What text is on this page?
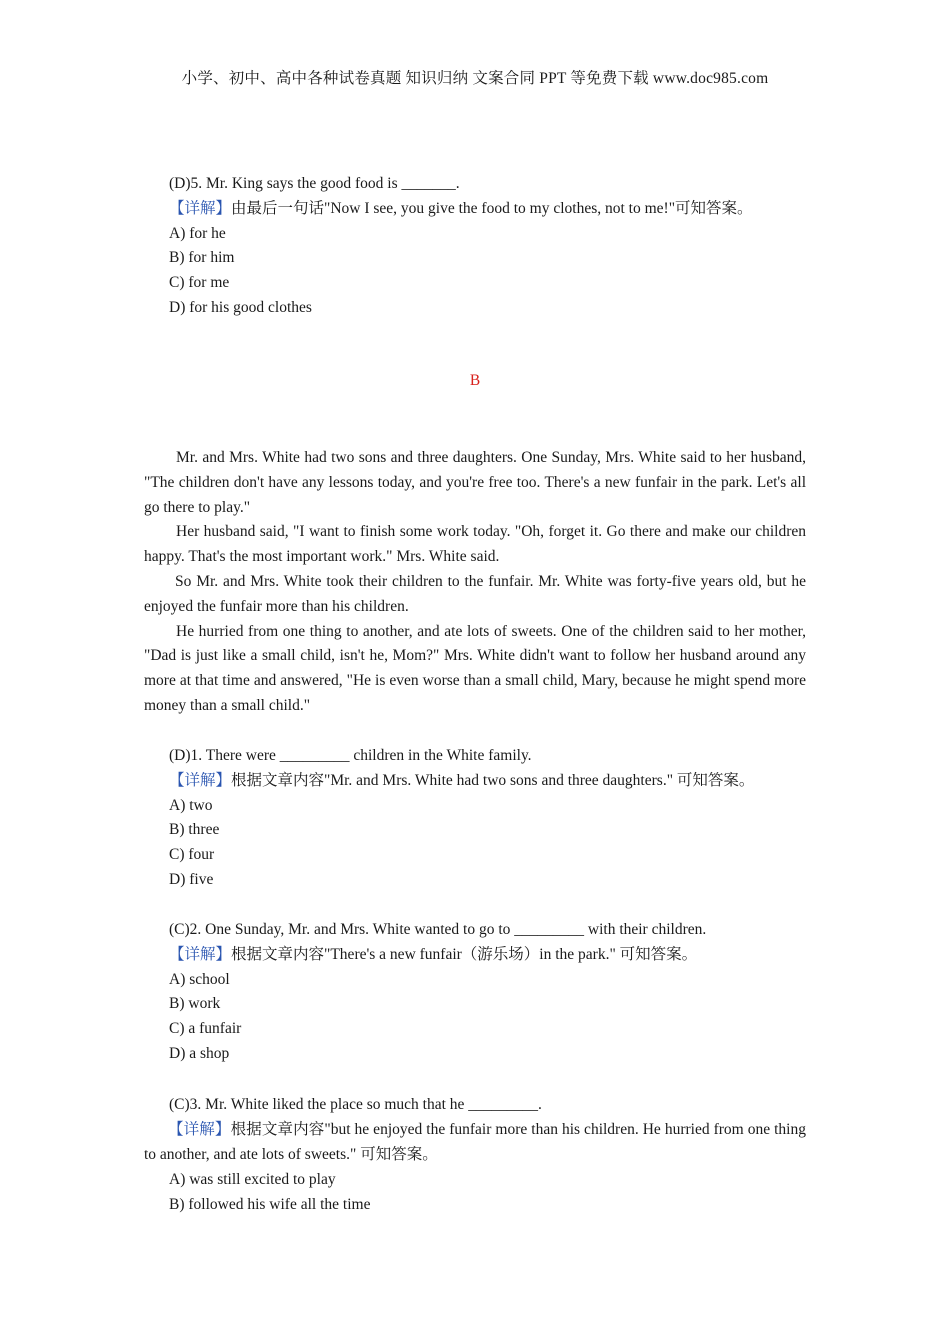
小学、初中、高中各种试卷真题 知识归纳 文案合同 PPT 等免费下载 www.doc985.com
(D)5. Mr. King says the good food is _______.
【详解】由最后一句话"Now I see, you give the food to my clothes, not to me!"可知答案。
A) for he
B) for him
C) for me
D) for his good clothes
B

Mr. and Mrs. White had two sons and three daughters. One Sunday, Mrs. White said to her husband, "The children don't have any lessons today, and you're free too. There's a new funfair in the park. Let's all go there to play."

Her husband said, "I want to finish some work today. "Oh, forget it. Go there and make our children happy. That's the most important work." Mrs. White said.

So Mr. and Mrs. White took their children to the funfair. Mr. White was forty-five years old, but he enjoyed the funfair more than his children.

He hurried from one thing to another, and ate lots of sweets. One of the children said to her mother, "Dad is just like a small child, isn't he, Mom?" Mrs. White didn't want to follow her husband around any more at that time and answered, "He is even worse than a small child, Mary, because he might spend more money than a small child."

(D)1. There were _________ children in the White family.
【详解】根据文章内容"Mr. and Mrs. White had two sons and three daughters." 可知答案。
A) two
B) three
C) four
D) five
(C)2. One Sunday, Mr. and Mrs. White wanted to go to _________ with their children.
【详解】根据文章内容"There's a new funfair（游乐场）in the park." 可知答案。
A) school
B) work
C) a funfair
D) a shop
(C)3. Mr. White liked the place so much that he _________.
【详解】根据文章内容"but he enjoyed the funfair more than his children. He hurried from one thing to another, and ate lots of sweets." 可知答案。
A) was still excited to play
B) followed his wife all the time
